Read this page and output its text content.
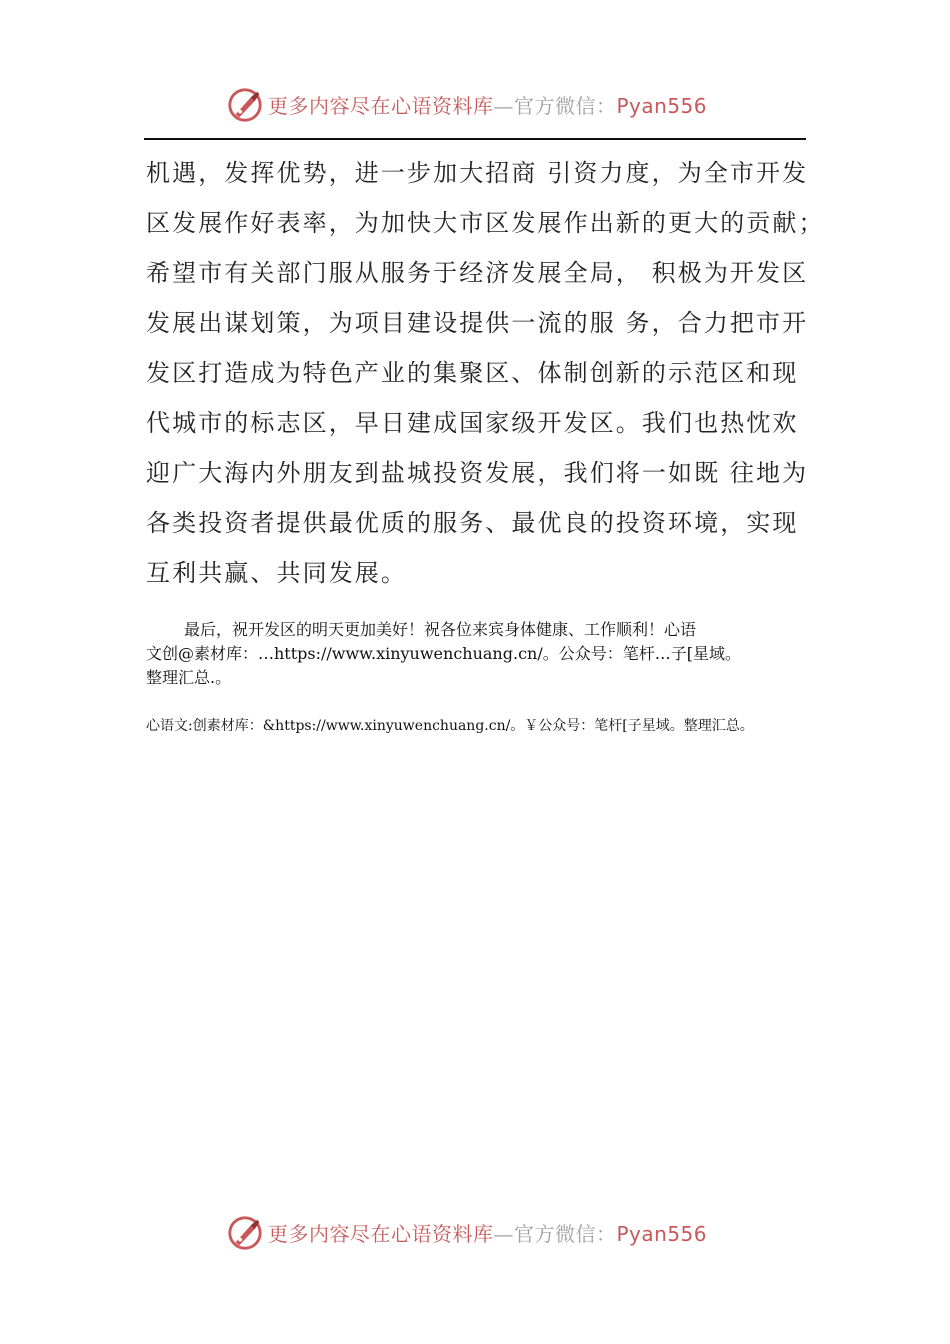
更多内容尽在心语资料库—官方微信：Pyan556
机遇，发挥优势，进一步加大招商 引资力度，为全市开发
区发展作好表率，为加快大市区发展作出新的更大的贡献；
希望市有关部门服从服务于经济发展全局， 积极为开发区
发展出谋划策，为项目建设提供一流的服 务，合力把市开
发区打造成为特色产业的集聚区、体制创新的示范区和现
代城市的标志区，早日建成国家级开发区。我们也热忱欢
迎广大海内外朋友到盐城投资发展，我们将一如既 往地为
各类投资者提供最优质的服务、最优良的投资环境，实现
互利共赢、共同发展。
最后，祝开发区的明天更加美好！祝各位来宾身体健康、工作顺利！心语
文创@素材库：…https://www.xinyuwenchuang.cn/。公众号：笔杆…子[星域。
整理汇总.。
心语文:创素材库：&https://www.xinyuwenchuang.cn/。￥公众号：笔杆[子星域。整理汇总。
更多内容尽在心语资料库—官方微信：Pyan556
